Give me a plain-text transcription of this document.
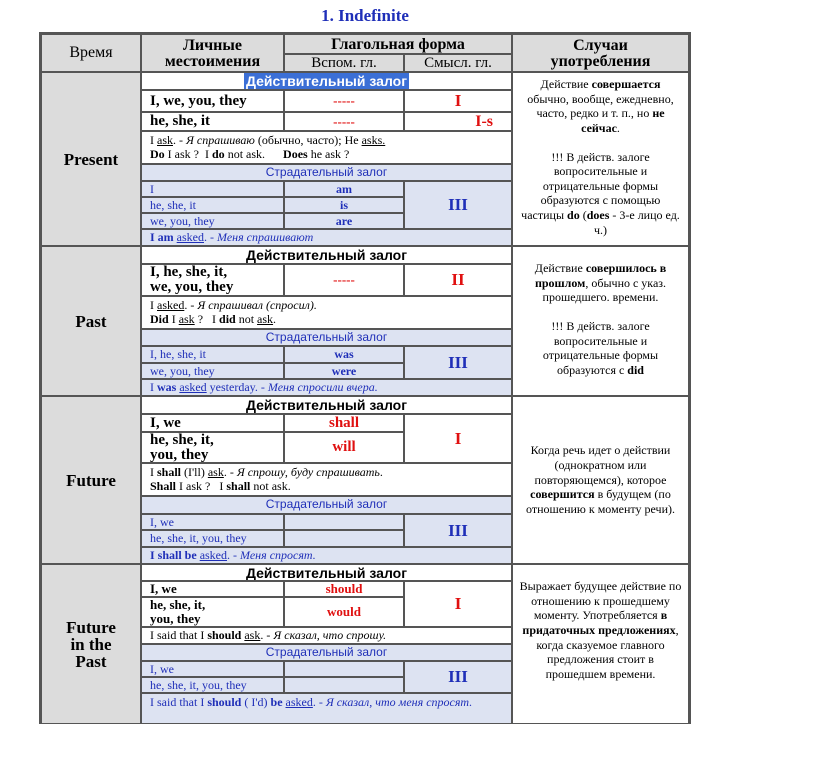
1. Indefinite
Время	Личные
местоимения
Глагольная форма
Вспом. гл.	Смысл. гл.
Случаи
употребления
Present
Действительный залог
I, we, you, they	-----	I
he, she, it	-----	I-s
I ask. - Я спрашиваю (обычно, часто); He asks.
Do I ask ?  I do not ask.      Does he ask ?
Страдательный залог
I	am
he, she, it	is
we, you, they	are
III
I am asked. - Меня спрашивают
Действие совершается обычно, вообще, ежедневно, часто, редко и т. п., но не сейчас.
!!! В действ. залоге вопросительные и отрицательные формы образуются с помощью частицы do (does - 3-е лицо ед. ч.)
Past
Действительный залог
I, he, she, it,
we, you, they	-----	II
I asked. - Я спрашивал (спросил).
Did I ask ?   I did not ask.
Страдательный залог
I, he, she, it	was
we, you, they	were	III
I was asked yesterday. - Меня спросили вчера.
Действие совершилось в прошлом, обычно с указ. прошедшего. времени.
!!! В действ. залоге вопросительные и отрицательные формы образуются с did
Future
Действительный залог
I, we	shall
he, she, it,
you, they	will	I
I shall (I'll) ask. - Я спрошу, буду спрашивать.
Shall I ask ?   I shall not ask.
Страдательный залог
I, we

he, she, it, you, they

	III
I shall be asked. - Меня спросят.
Когда речь идет о действии (однократном или повторяющемся), которое совершится в будущем (по отношению к моменту речи).
Future
in the
Past
Действительный залог
I, we	should
he, she, it,
you, they	would	I
I said that I should ask. - Я сказал, что спрошу.
Страдательный залог
I, we

he, she, it, you, they

	III
I said that I should ( I'd) be asked. - Я сказал, что меня спросят.
Выражает будущее действие по отношению к прошедшему моменту. Употребляется в придаточных предложениях, когда сказуемое главного предложения стоит в прошедшем времени.
